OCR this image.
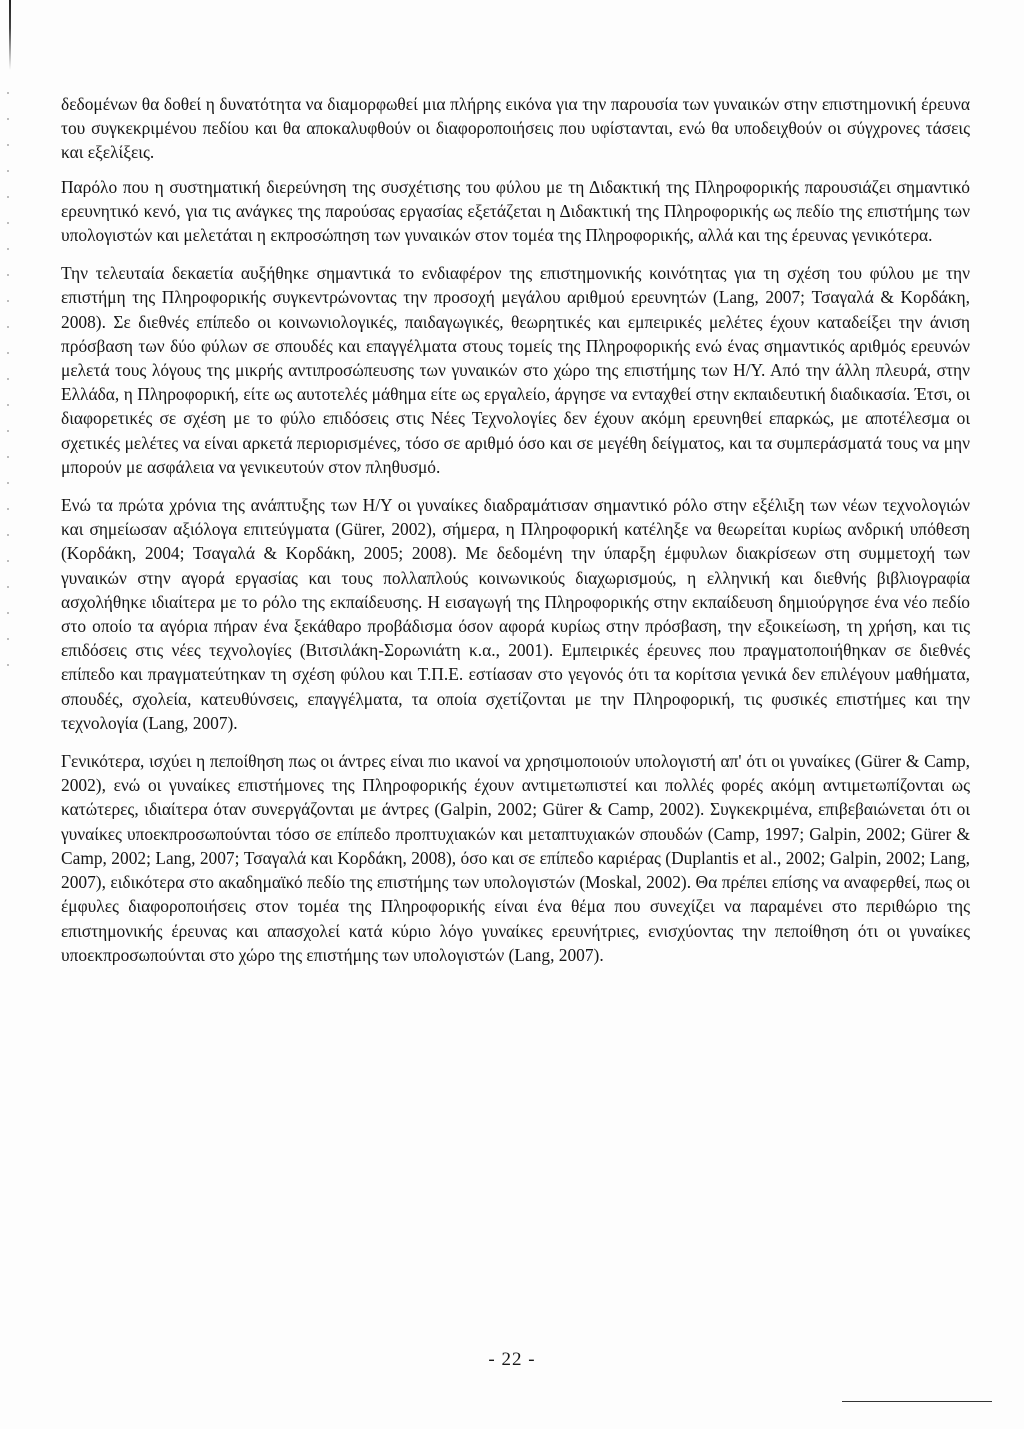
δεδομένων θα δοθεί η δυνατότητα να διαμορφωθεί μια πλήρης εικόνα για την παρουσία των γυναικών στην επιστημονική έρευνα του συγκεκριμένου πεδίου και θα αποκαλυφθούν οι διαφοροποιήσεις που υφίστανται, ενώ θα υποδειχθούν οι σύγχρονες τάσεις και εξελίξεις.

Παρόλο που η συστηματική διερεύνηση της συσχέτισης του φύλου με τη Διδακτική της Πληροφορικής παρουσιάζει σημαντικό ερευνητικό κενό, για τις ανάγκες της παρούσας εργασίας εξετάζεται η Διδακτική της Πληροφορικής ως πεδίο της επιστήμης των υπολογιστών και μελετάται η εκπροσώπηση των γυναικών στον τομέα της Πληροφορικής, αλλά και της έρευνας γενικότερα.

Την τελευταία δεκαετία αυξήθηκε σημαντικά το ενδιαφέρον της επιστημονικής κοινότητας για τη σχέση του φύλου με την επιστήμη της Πληροφορικής συγκεντρώνοντας την προσοχή μεγάλου αριθμού ερευνητών (Lang, 2007; Τσαγαλά & Κορδάκη, 2008). Σε διεθνές επίπεδο οι κοινωνιολογικές, παιδαγωγικές, θεωρητικές και εμπειρικές μελέτες έχουν καταδείξει την άνιση πρόσβαση των δύο φύλων σε σπουδές και επαγγέλματα στους τομείς της Πληροφορικής ενώ ένας σημαντικός αριθμός ερευνών μελετά τους λόγους της μικρής αντιπροσώπευσης των γυναικών στο χώρο της επιστήμης των Η/Υ. Από την άλλη πλευρά, στην Ελλάδα, η Πληροφορική, είτε ως αυτοτελές μάθημα είτε ως εργαλείο, άργησε να ενταχθεί στην εκπαιδευτική διαδικασία. Έτσι, οι διαφορετικές σε σχέση με το φύλο επιδόσεις στις Νέες Τεχνολογίες δεν έχουν ακόμη ερευνηθεί επαρκώς, με αποτέλεσμα οι σχετικές μελέτες να είναι αρκετά περιορισμένες, τόσο σε αριθμό όσο και σε μεγέθη δείγματος, και τα συμπεράσματά τους να μην μπορούν με ασφάλεια να γενικευτούν στον πληθυσμό.

Ενώ τα πρώτα χρόνια της ανάπτυξης των Η/Υ οι γυναίκες διαδραμάτισαν σημαντικό ρόλο στην εξέλιξη των νέων τεχνολογιών και σημείωσαν αξιόλογα επιτεύγματα (Gürer, 2002), σήμερα, η Πληροφορική κατέληξε να θεωρείται κυρίως ανδρική υπόθεση (Κορδάκη, 2004; Τσαγαλά & Κορδάκη, 2005; 2008). Με δεδομένη την ύπαρξη έμφυλων διακρίσεων στη συμμετοχή των γυναικών στην αγορά εργασίας και τους πολλαπλούς κοινωνικούς διαχωρισμούς, η ελληνική και διεθνής βιβλιογραφία ασχολήθηκε ιδιαίτερα με το ρόλο της εκπαίδευσης. Η εισαγωγή της Πληροφορικής στην εκπαίδευση δημιούργησε ένα νέο πεδίο στο οποίο τα αγόρια πήραν ένα ξεκάθαρο προβάδισμα όσον αφορά κυρίως στην πρόσβαση, την εξοικείωση, τη χρήση, και τις επιδόσεις στις νέες τεχνολογίες (Βιτσιλάκη-Σορωνιάτη κ.α., 2001). Εμπειρικές έρευνες που πραγματοποιήθηκαν σε διεθνές επίπεδο και πραγματεύτηκαν τη σχέση φύλου και Τ.Π.Ε. εστίασαν στο γεγονός ότι τα κορίτσια γενικά δεν επιλέγουν μαθήματα, σπουδές, σχολεία, κατευθύνσεις, επαγγέλματα, τα οποία σχετίζονται με την Πληροφορική, τις φυσικές επιστήμες και την τεχνολογία (Lang, 2007).

Γενικότερα, ισχύει η πεποίθηση πως οι άντρες είναι πιο ικανοί να χρησιμοποιούν υπολογιστή απ' ότι οι γυναίκες (Gürer & Camp, 2002), ενώ οι γυναίκες επιστήμονες της Πληροφορικής έχουν αντιμετωπιστεί και πολλές φορές ακόμη αντιμετωπίζονται ως κατώτερες, ιδιαίτερα όταν συνεργάζονται με άντρες (Galpin, 2002; Gürer & Camp, 2002). Συγκεκριμένα, επιβεβαιώνεται ότι οι γυναίκες υποεκπροσωπούνται τόσο σε επίπεδο προπτυχιακών και μεταπτυχιακών σπουδών (Camp, 1997; Galpin, 2002; Gürer & Camp, 2002; Lang, 2007; Τσαγαλά και Κορδάκη, 2008), όσο και σε επίπεδο καριέρας (Duplantis et al., 2002; Galpin, 2002; Lang, 2007), ειδικότερα στο ακαδημαϊκό πεδίο της επιστήμης των υπολογιστών (Moskal, 2002). Θα πρέπει επίσης να αναφερθεί, πως οι έμφυλες διαφοροποιήσεις στον τομέα της Πληροφορικής είναι ένα θέμα που συνεχίζει να παραμένει στο περιθώριο της επιστημονικής έρευνας και απασχολεί κατά κύριο λόγο γυναίκες ερευνήτριες, ενισχύοντας την πεποίθηση ότι οι γυναίκες υποεκπροσωπούνται στο χώρο της επιστήμης των υπολογιστών (Lang, 2007).

- 22 -
